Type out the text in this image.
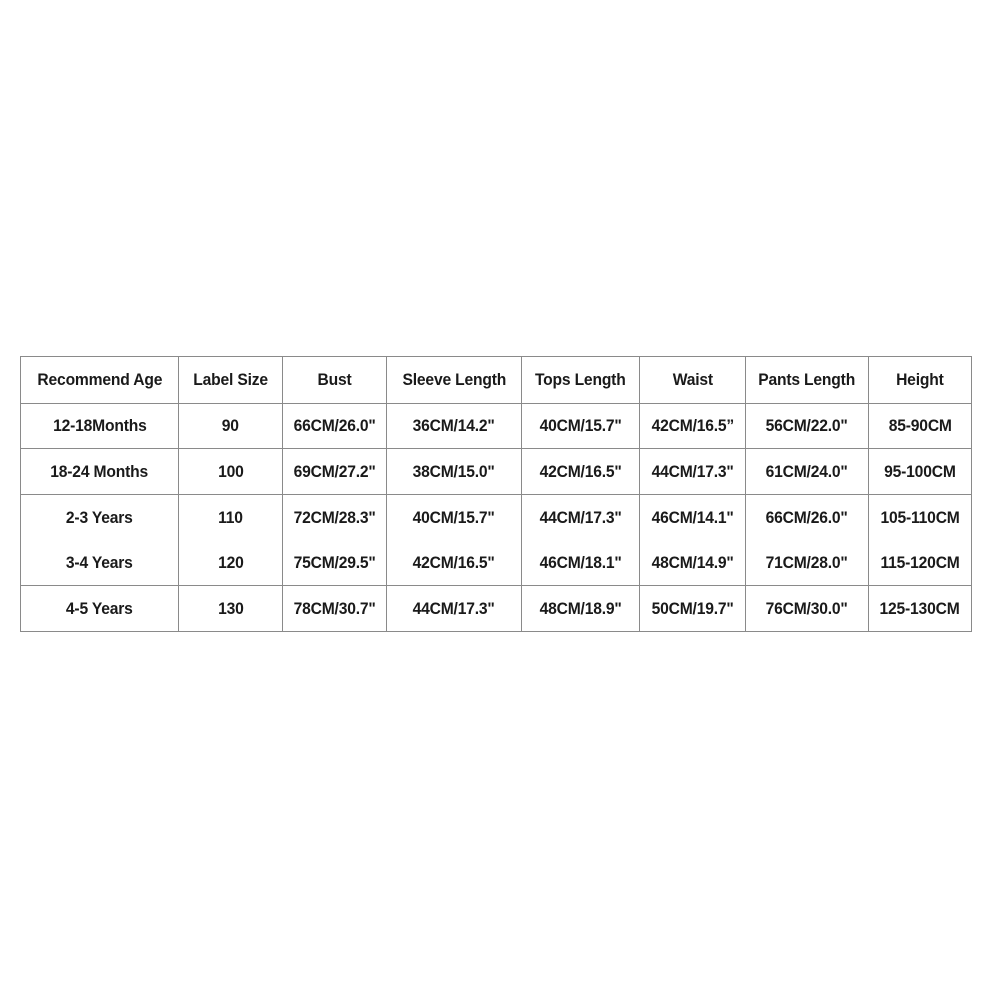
Recommend Age	Label Size	Bust	Sleeve Length	Tops Length	Waist	Pants Length	Height
12-18Months	90	66CM/26.0"	36CM/14.2"	40CM/15.7"	42CM/16.5”	56CM/22.0"	85-90CM
18-24 Months	100	69CM/27.2"	38CM/15.0"	42CM/16.5"	44CM/17.3"	61CM/24.0"	95-100CM
2-3 Years	110	72CM/28.3"	40CM/15.7"	44CM/17.3"	46CM/14.1"	66CM/26.0"	105-110CM
3-4 Years	120	75CM/29.5"	42CM/16.5"	46CM/18.1"	48CM/14.9"	71CM/28.0"	115-120CM
4-5 Years	130	78CM/30.7"	44CM/17.3"	48CM/18.9"	50CM/19.7"	76CM/30.0"	125-130CM
